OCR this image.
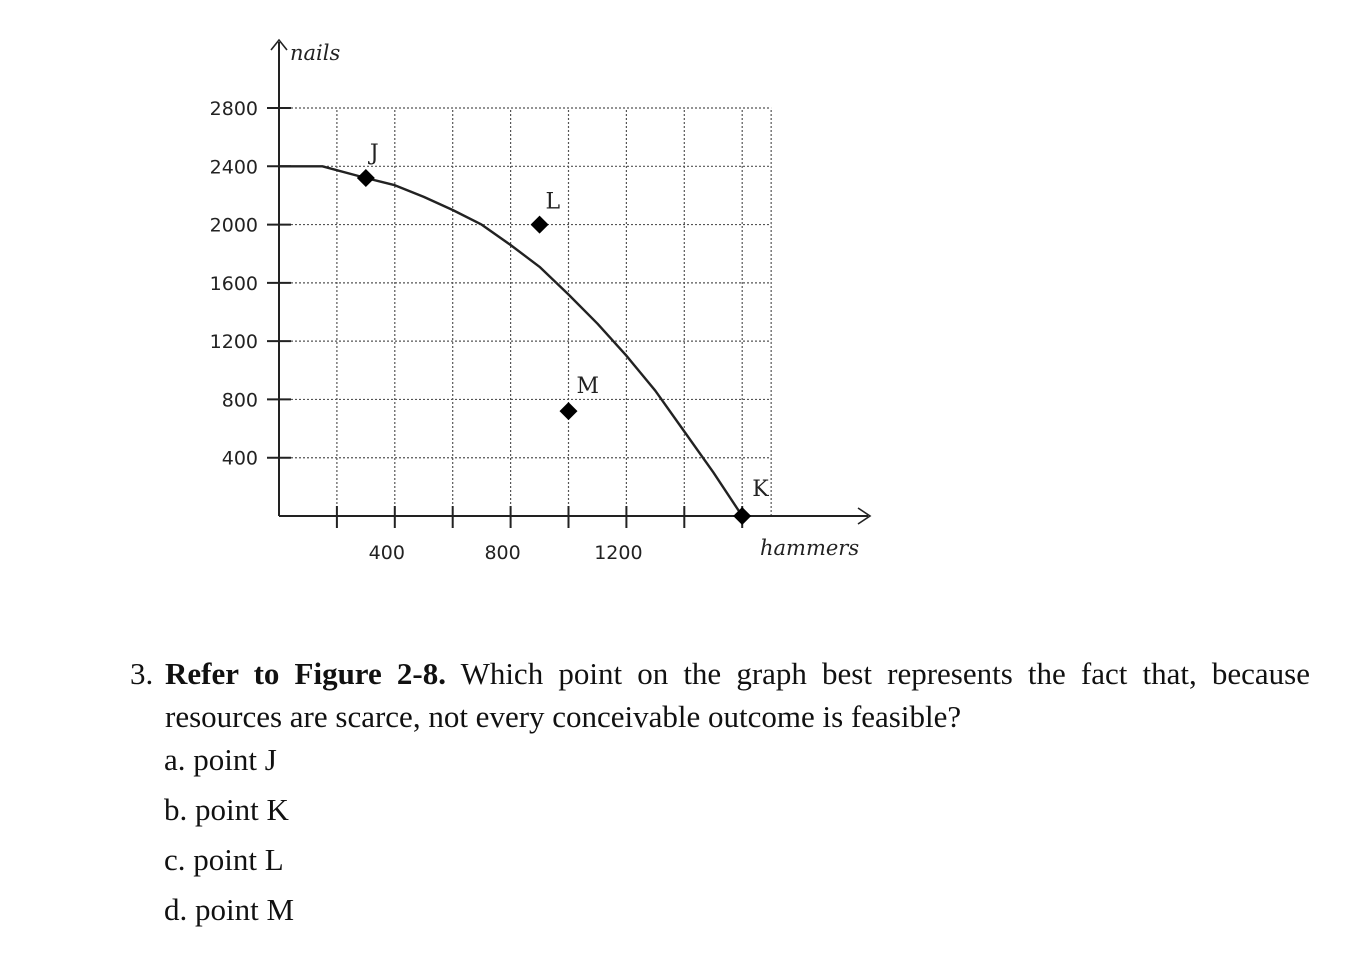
J
L
M
K
400
800
1200
1600
2000
2400
2800
400	800	1200
nails
hammers
3. Refer to Figure 2-8. Which point on the graph best represents the fact that, because resources are scarce, not every conceivable outcome is feasible?
a. point J
b. point K
c. point L
d. point M
